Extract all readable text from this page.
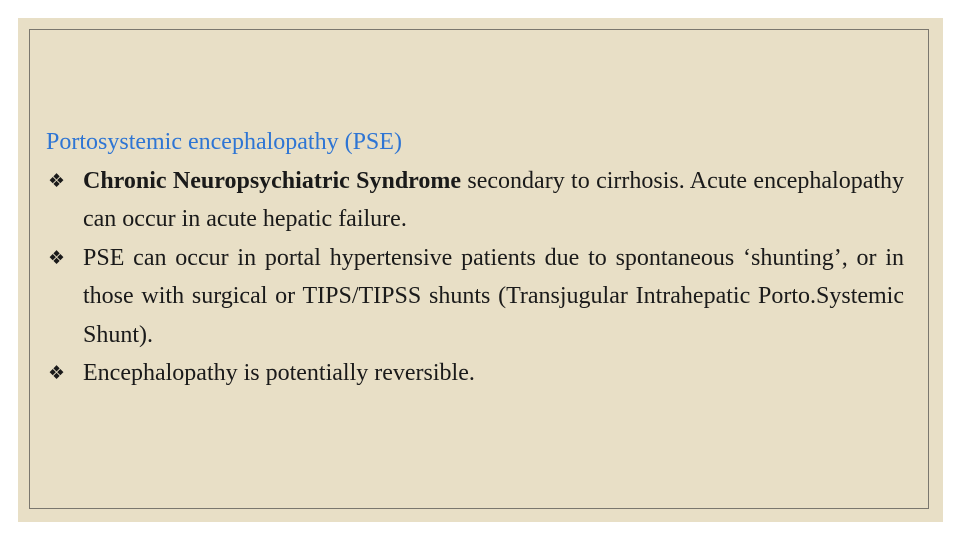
Portosystemic encephalopathy (PSE)

❖ Chronic Neuropsychiatric Syndrome secondary to cirrhosis. Acute encephalopathy can occur in acute hepatic failure.

❖ PSE can occur in portal hypertensive patients due to spontaneous ‘shunting’, or in those with surgical or TIPS/TIPSS shunts (Transjugular Intrahepatic Porto.Systemic Shunt).

❖ Encephalopathy is potentially reversible.
